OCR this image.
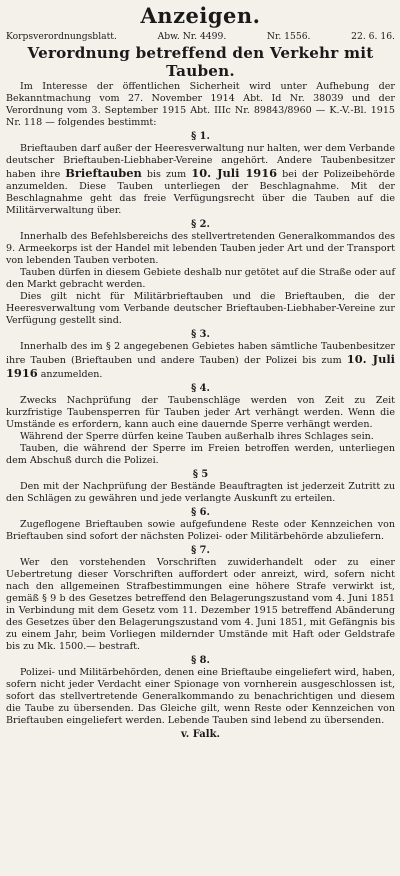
Anzeigen.
Korpsverordnungsblatt.	Abw. Nr. 4499.	Nr. 1556.	22. 6. 16.
Verordnung betreffend den Verkehr mit Tauben.

Im Interesse der öffentlichen Sicherheit wird unter Aufhebung der Bekanntmachung vom 27. November 1914 Abt. Id Nr. 38039 und der Verordnung vom 3. September 1915 Abt. IIIc Nr. 89843/8960 — K.-V.-Bl. 1915 Nr. 118 — folgendes bestimmt:

§ 1.

Brieftauben darf außer der Heeresverwaltung nur halten, wer dem Verbande deutscher Brieftauben-Liebhaber-Vereine angehört. Andere Taubenbesitzer haben ihre Brieftauben bis zum 10. Juli 1916 bei der Polizeibehörde anzumelden. Diese Tauben unterliegen der Beschlagnahme. Mit der Beschlagnahme geht das freie Verfügungsrecht über die Tauben auf die Militärverwaltung über.

§ 2.

Innerhalb des Befehlsbereichs des stellvertretenden Generalkommandos des 9. Armeekorps ist der Handel mit lebenden Tauben jeder Art und der Transport von lebenden Tauben verboten.

Tauben dürfen in diesem Gebiete deshalb nur getötet auf die Straße oder auf den Markt gebracht werden.

Dies gilt nicht für Militärbrieftauben und die Brieftauben, die der Heeresverwaltung vom Verbande deutscher Brieftauben-Liebhaber-Vereine zur Verfügung gestellt sind.

§ 3.

Innerhalb des im § 2 angegebenen Gebietes haben sämtliche Taubenbesitzer ihre Tauben (Brieftauben und andere Tauben) der Polizei bis zum 10. Juli 1916 anzumelden.

§ 4.

Zwecks Nachprüfung der Taubenschläge werden von Zeit zu Zeit kurzfristige Taubensperren für Tauben jeder Art verhängt werden. Wenn die Umstände es erfordern, kann auch eine dauernde Sperre verhängt werden.

Während der Sperre dürfen keine Tauben außerhalb ihres Schlages sein.

Tauben, die während der Sperre im Freien betroffen werden, unterliegen dem Abschuß durch die Polizei.

§ 5

Den mit der Nachprüfung der Bestände Beauftragten ist jederzeit Zutritt zu den Schlägen zu gewähren und jede verlangte Auskunft zu erteilen.

§ 6.

Zugeflogene Brieftauben sowie aufgefundene Reste oder Kennzeichen von Brieftauben sind sofort der nächsten Polizei- oder Militärbehörde abzuliefern.

§ 7.

Wer den vorstehenden Vorschriften zuwiderhandelt oder zu einer Uebertretung dieser Vorschriften auffordert oder anreizt, wird, sofern nicht nach den allgemeinen Strafbestimmungen eine höhere Strafe verwirkt ist, gemäß § 9 b des Gesetzes betreffend den Belagerungszustand vom 4. Juni 1851 in Verbindung mit dem Gesetz vom 11. Dezember 1915 betreffend Abänderung des Gesetzes über den Belagerungszustand vom 4. Juni 1851, mit Gefängnis bis zu einem Jahr, beim Vorliegen mildernder Umstände mit Haft oder Geldstrafe bis zu Mk. 1500.— bestraft.

§ 8.

Polizei- und Militärbehörden, denen eine Brieftaube eingeliefert wird, haben, sofern nicht jeder Verdacht einer Spionage von vornherein ausgeschlossen ist, sofort das stellvertretende Generalkommando zu benachrichtigen und diesem die Taube zu übersenden. Das Gleiche gilt, wenn Reste oder Kennzeichen von Brieftauben eingeliefert werden. Lebende Tauben sind lebend zu übersenden.

v. Falk.
